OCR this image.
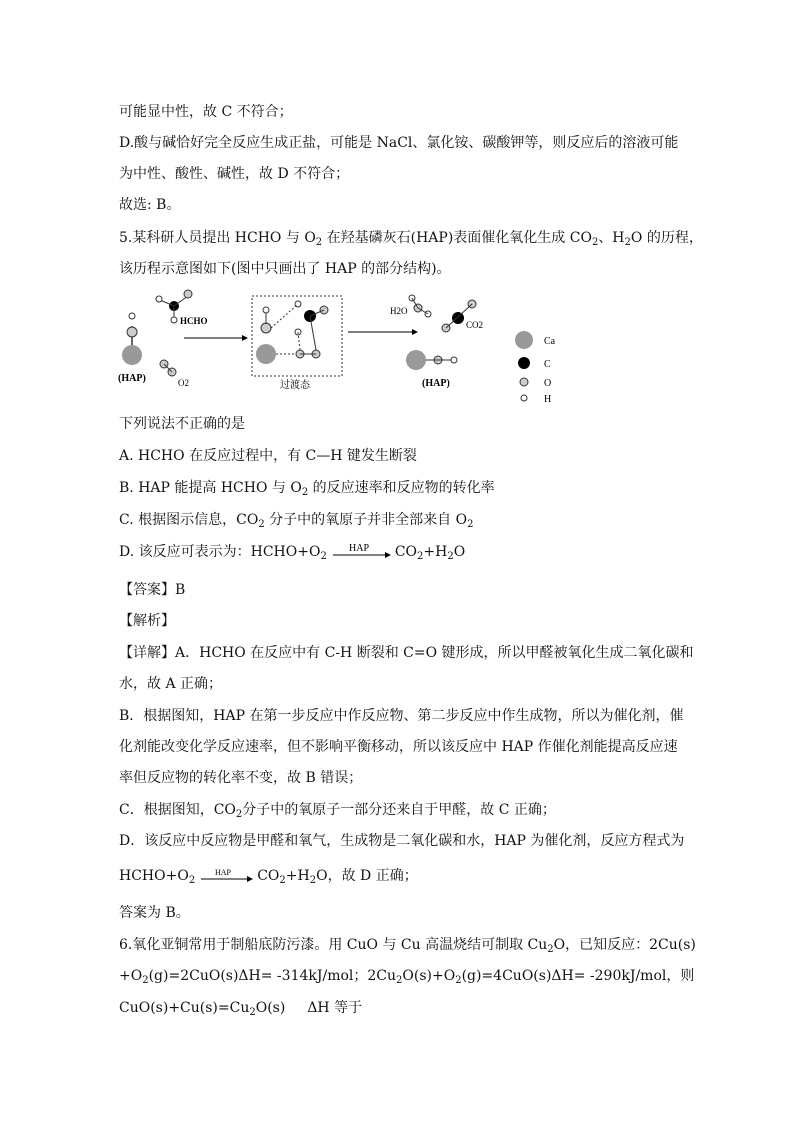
可能显中性，故 C 不符合；
D.酸与碱恰好完全反应生成正盐，可能是 NaCl、氯化铵、碳酸钾等，则反应后的溶液可能
为中性、酸性、碱性，故 D 不符合；
故选: B。
5.某科研人员提出 HCHO 与 $O_2$ 在羟基磷灰石(HAP)表面催化氧化生成 $CO_2$、$H_2O$ 的历程，
该历程示意图如下(图中只画出了 HAP 的部分结构)。
(HAP)
HCHO
O2	过渡态
H2O
CO2
(HAP)
Ca
C
O
H
下列说法不正确的是
A. HCHO 在反应过程中，有 C—H 键发生断裂
B. HAP 能提高 HCHO 与 $O_2$ 的反应速率和反应物的转化率
C. 根据图示信息，$CO_2$ 分子中的氧原子并非全部来自 $O_2$
D. 该反应可表示为：$HCHO+O_2$
HAP $CO_2+H_2O$
【答案】B
【解析】
【详解】A．HCHO 在反应中有 C-H 断裂和 C=O 键形成，所以甲醛被氧化生成二氧化碳和
水，故 A 正确；
B．根据图知，HAP 在第一步反应中作反应物、第二步反应中作生成物，所以为催化剂，催
化剂能改变化学反应速率，但不影响平衡移动，所以该反应中 HAP 作催化剂能提高反应速
率但反应物的转化率不变，故 B 错误；
C．根据图知，$CO_2$分子中的氧原子一部分还来自于甲醛，故 C 正确；
D．该反应中反应物是甲醛和氧气，生成物是二氧化碳和水，HAP 为催化剂，反应方程式为
$HCHO+O_2$
HAP $CO_2+H_2O$，故 D 正确；
答案为 B。
6.氧化亚铜常用于制船底防污漆。用 CuO 与 Cu 高温烧结可制取 $Cu_2O$，已知反应：2Cu(s)
$+O_2(g)=2CuO(s)\Delta H= -314kJ/mol$；$2Cu_2O(s)+O_2(g)=4CuO(s)\Delta H= -290kJ/mol$，则
$CuO(s)+Cu(s)=Cu_2O(s)$ ΔH 等于
